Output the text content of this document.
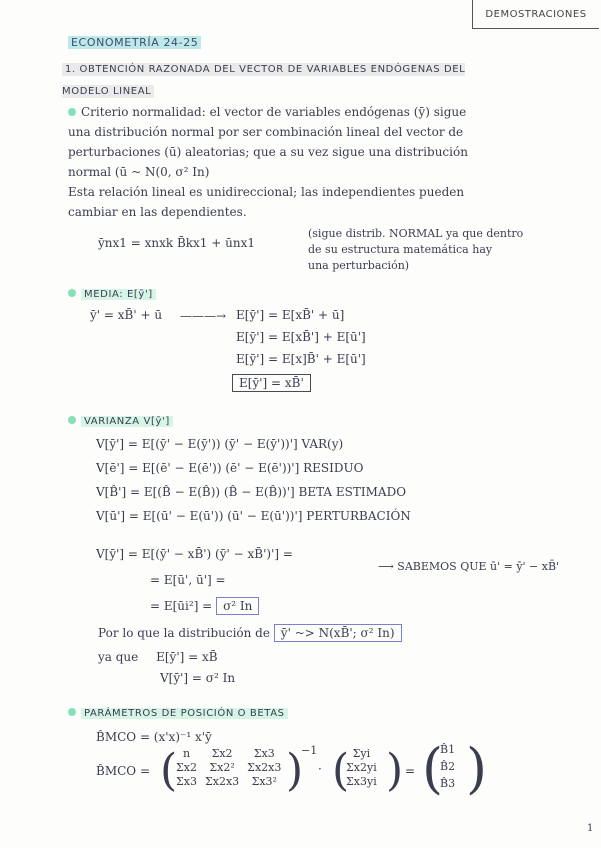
DEMOSTRACIONES
ECONOMETRÍA 24-25
1. OBTENCIÓN RAZONADA DEL VECTOR DE VARIABLES ENDÓGENAS DEL MODELO LINEAL
Criterio normalidad: el vector de variables endógenas (ȳ) sigue
una distribución normal por ser combinación lineal del vector de
perturbaciones (ū) aleatorias; que a su vez sigue una distribución
normal (ū ~ N(0, σ² In)
Esta relación lineal es unidireccional; las independientes pueden
cambiar en las dependientes.
ȳnx1 = xnxk B̄kx1 + ūnx1
(sigue distrib. NORMAL ya que dentro
de su estructura matemática hay
una perturbación)
MEDIA: E[ȳ']
ȳ' = xB̄' + ū ———→ E[ȳ'] = E[xB̄' + ū]
E[ȳ'] = E[xB̄'] + E[ū']
E[ȳ'] = E[x]B̄' + E[ū']
E[ȳ'] = xB̄'
VARIANZA V[ȳ']
V[ȳ'] = E[(ȳ' − E(ȳ')) (ȳ' − E(ȳ'))'] VAR(y)
V[ē'] = E[(ē' − E(ē')) (ē' − E(ē'))'] RESIDUO
V[B̂'] = E[(B̂ − E(B̂)) (B̂ − E(B̂))'] BETA ESTIMADO
V[ū'] = E[(ū' − E(ū')) (ū' − E(ū'))'] PERTURBACIÓN
V[ȳ'] = E[(ȳ' − xB̄') (ȳ' − xB̄')'] =
⟶ SABEMOS QUE ū' = ȳ' − xB̄'
= E[ū', ū'] =
= E[ūi²] = σ² In
Por lo que la distribución de ȳ' ~> N(xB̄'; σ² In)
ya que E[ȳ'] = xB̄
V[ȳ'] = σ² In
PARÁMETROS DE POSICIÓN O BETAS
B̂MCO = (x'x)⁻¹ x'ȳ
B̂MCO = ( n	Σx2	Σx3
Σx2	Σx2²	Σx2x3
Σx3	Σx2x3	Σx3² )
−1
· ( Σyi
Σx2yi
Σx3yi ) = (
B̂1
B̂2
B̂3 )
1
